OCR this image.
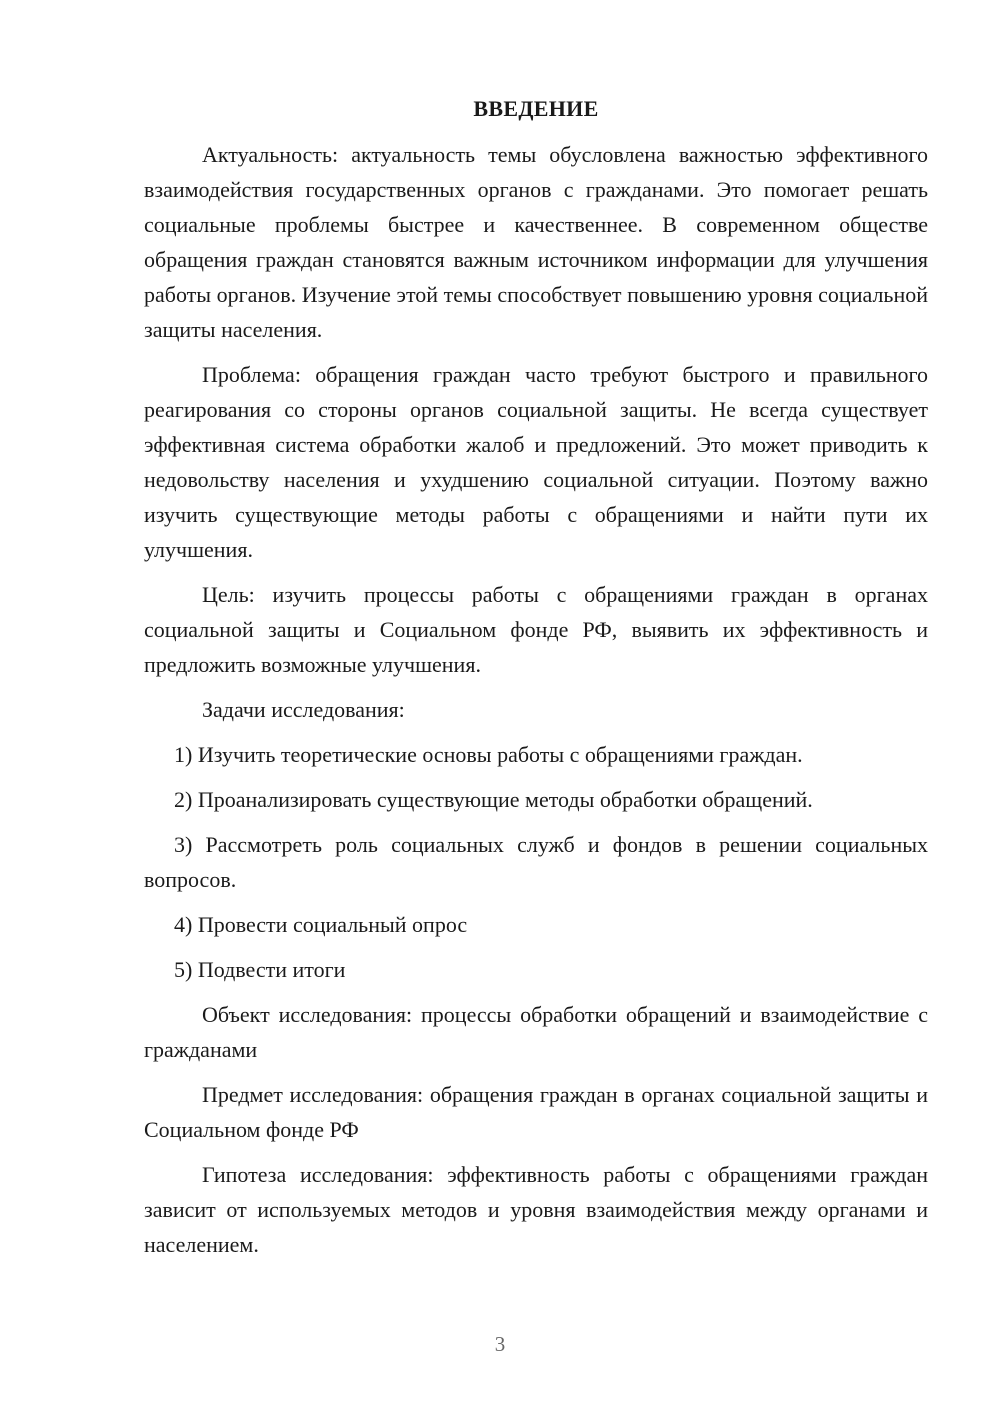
ВВЕДЕНИЕ

Актуальность: актуальность темы обусловлена важностью эффективного взаимодействия государственных органов с гражданами. Это помогает решать социальные проблемы быстрее и качественнее. В современном обществе обращения граждан становятся важным источником информации для улучшения работы органов. Изучение этой темы способствует повышению уровня социальной защиты населения.

Проблема: обращения граждан часто требуют быстрого и правильного реагирования со стороны органов социальной защиты. Не всегда существует эффективная система обработки жалоб и предложений. Это может приводить к недовольству населения и ухудшению социальной ситуации. Поэтому важно изучить существующие методы работы с обращениями и найти пути их улучшения.

Цель: изучить процессы работы с обращениями граждан в органах социальной защиты и Социальном фонде РФ, выявить их эффективность и предложить возможные улучшения.

Задачи исследования:

1) Изучить теоретические основы работы с обращениями граждан.

2) Проанализировать существующие методы обработки обращений.

3) Рассмотреть роль социальных служб и фондов в решении социальных вопросов.

4) Провести социальный опрос

5) Подвести итоги

Объект исследования: процессы обработки обращений и взаимодействие с гражданами

Предмет исследования: обращения граждан в органах социальной защиты и Социальном фонде РФ

Гипотеза исследования: эффективность работы с обращениями граждан зависит от используемых методов и уровня взаимодействия между органами и населением.

3
